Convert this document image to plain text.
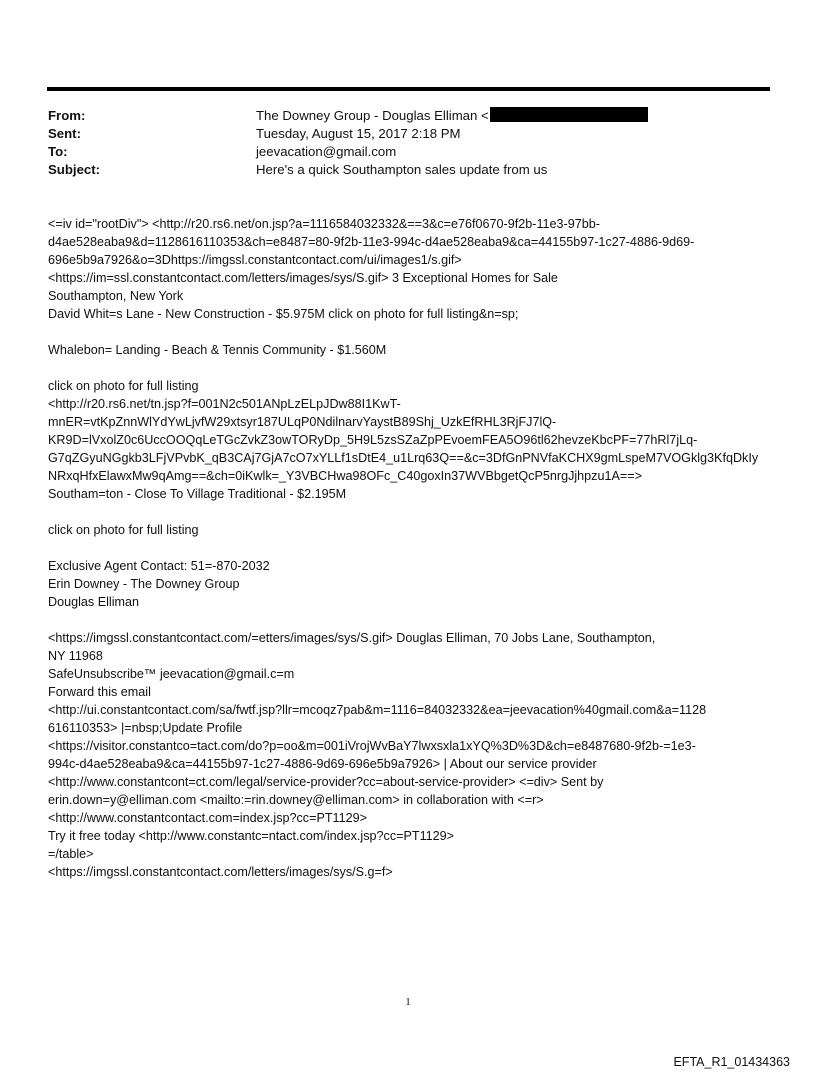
From:	The Downey Group - Douglas Elliman <
Sent:	Tuesday, August 15, 2017 2:18 PM
To:	jeevacation@gmail.com
Subject:	Here's a quick Southampton sales update from us
<=iv id="rootDiv"> <http://r20.rs6.net/on.jsp?a=1116584032332&==3&c=e76f0670-9f2b-11e3-97bb-
d4ae528eaba9&d=1128616110353&ch=e8487=80-9f2b-11e3-994c-d4ae528eaba9&ca=44155b97-1c27-4886-9d69-
696e5b9a7926&o=3Dhttps://imgssl.constantcontact.com/ui/images1/s.gif>
<https://im=ssl.constantcontact.com/letters/images/sys/S.gif> 3 Exceptional Homes for Sale
Southampton, New York
David Whit=s Lane - New Construction - $5.975M click on photo for full listing&n=sp;
Whalebon= Landing - Beach & Tennis Community - $1.560M
click on photo for full listing
<http://r20.rs6.net/tn.jsp?f=001N2c501ANpLzELpJDw88I1KwT-
mnER=vtKpZnnWlYdYwLjvfW29xtsyr187ULqP0NdilnarvYaystB89Shj_UzkEfRHL3RjFJ7lQ-
KR9D=lVxolZ0c6UccOOQqLeTGcZvkZ3owTORyDp_5H9L5zsSZaZpPEvoemFEA5O96tl62hevzeKbcPF=77hRl7jLq-
G7qZGyuNGgkb3LFjVPvbK_qB3CAj7GjA7cO7xYLLf1sDtE4_u1Lrq63Q==&c=3DfGnPNVfaKCHX9gmLspeM7VOGklg3KfqDkIy
NRxqHfxElawxMw9qAmg==&ch=0iKwlk=_Y3VBCHwa98OFc_C40goxIn37WVBbgetQcP5nrgJjhpzu1A==>
Southam=ton - Close To Village Traditional - $2.195M
click on photo for full listing
Exclusive Agent Contact: 51=-870-2032
Erin Downey - The Downey Group
Douglas Elliman
<https://imgssl.constantcontact.com/=etters/images/sys/S.gif> Douglas Elliman, 70 Jobs Lane, Southampton,
NY 11968
SafeUnsubscribe™ jeevacation@gmail.c=m
Forward this email
<http://ui.constantcontact.com/sa/fwtf.jsp?llr=mcoqz7pab&m=1116=84032332&ea=jeevacation%40gmail.com&a=1128
616110353> |=nbsp;Update Profile
<https://visitor.constantco=tact.com/do?p=oo&m=001iVrojWvBaY7lwxsxla1xYQ%3D%3D&ch=e8487680-9f2b-=1e3-
994c-d4ae528eaba9&ca=44155b97-1c27-4886-9d69-696e5b9a7926> | About our service provider
<http://www.constantcont=ct.com/legal/service-provider?cc=about-service-provider> <=div> Sent by
erin.down=y@elliman.com <mailto:=rin.downey@elliman.com> in collaboration with <=r>
<http://www.constantcontact.com=index.jsp?cc=PT1129>
Try it free today <http://www.constantc=ntact.com/index.jsp?cc=PT1129>
=/table>
<https://imgssl.constantcontact.com/letters/images/sys/S.g=f>
1
EFTA_R1_01434363
